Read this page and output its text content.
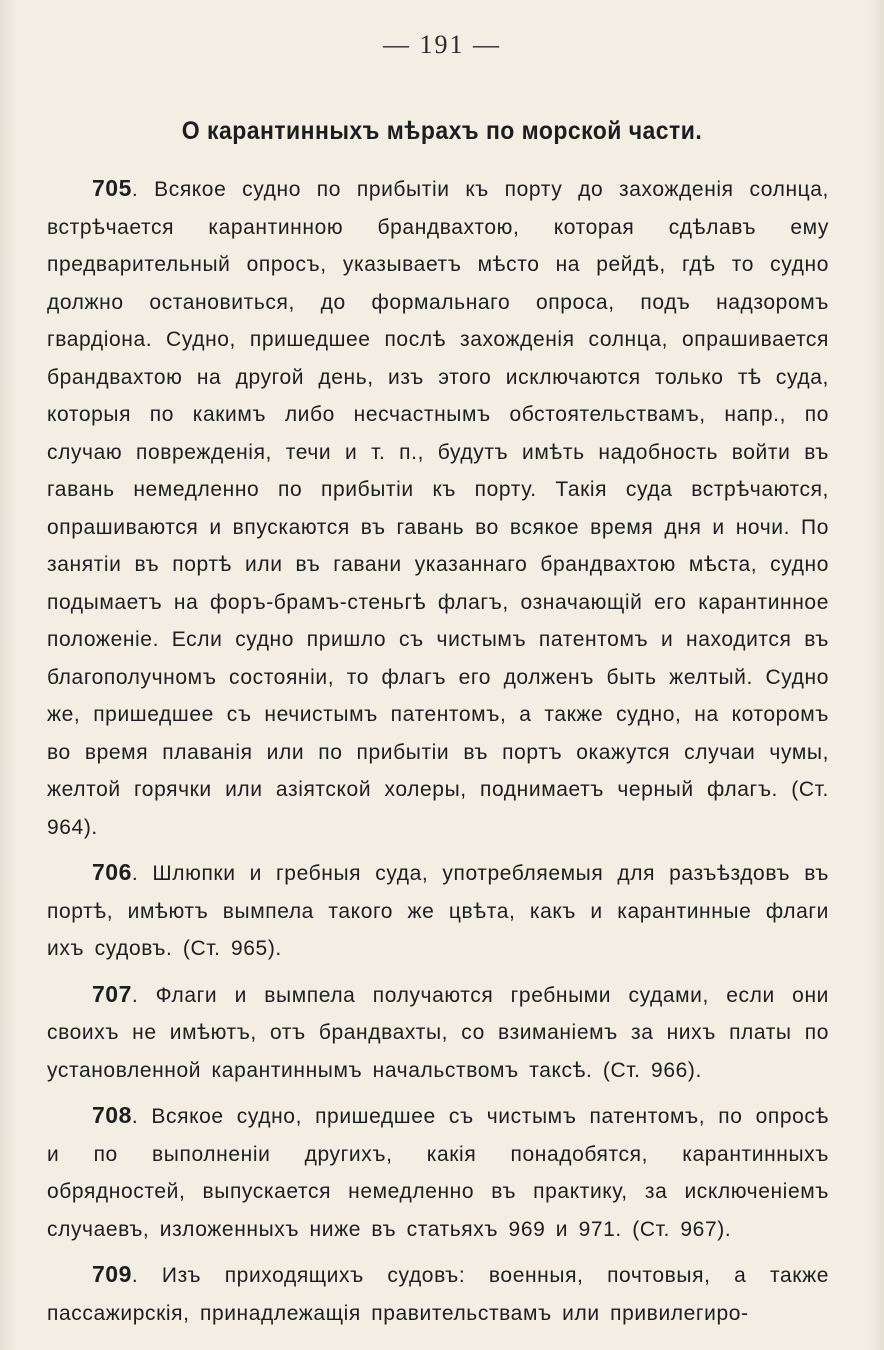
— 191 —
О карантинныхъ мѣрахъ по морской части.

705. Всякое судно по прибытіи къ порту до захожденія солнца, встрѣчается карантинною брандвахтою, которая сдѣлавъ ему предварительный опросъ, указываетъ мѣсто на рейдѣ, гдѣ то судно должно остановиться, до формальнаго опроса, подъ надзоромъ гвардіона. Судно, пришедшее послѣ захожденія солнца, опрашивается брандвахтою на другой день, изъ этого исключаются только тѣ суда, которыя по какимъ либо несчастнымъ обстоятельствамъ, напр., по случаю поврежденія, течи и т. п., будутъ имѣть надобность войти въ гавань немедленно по прибытіи къ порту. Такія суда встрѣчаются, опрашиваются и впускаются въ гавань во всякое время дня и ночи. По занятіи въ портѣ или въ гавани указаннаго брандвахтою мѣста, судно подымаетъ на форъ-брамъ-стеньгѣ флагъ, означающій его карантинное положеніе. Если судно пришло съ чистымъ патентомъ и находится въ благополучномъ состояніи, то флагъ его долженъ быть желтый. Судно же, пришедшее съ нечистымъ патентомъ, а также судно, на которомъ во время плаванія или по прибытіи въ портъ окажутся случаи чумы, желтой горячки или азіятской холеры, поднимаетъ черный флагъ. (Ст. 964).

706. Шлюпки и гребныя суда, употребляемыя для разъѣздовъ въ портѣ, имѣютъ вымпела такого же цвѣта, какъ и карантинные флаги ихъ судовъ. (Ст. 965).

707. Флаги и вымпела получаются гребными судами, если они своихъ не имѣютъ, отъ брандвахты, со взиманіемъ за нихъ платы по установленной карантиннымъ начальствомъ таксѣ. (Ст. 966).

708. Всякое судно, пришедшее съ чистымъ патентомъ, по опросѣ и по выполненіи другихъ, какія понадобятся, карантинныхъ обрядностей, выпускается немедленно въ практику, за исключеніемъ случаевъ, изложенныхъ ниже въ статьяхъ 969 и 971. (Ст. 967).

709. Изъ приходящихъ судовъ: военныя, почтовыя, а также пассажирскія, принадлежащія правительствамъ или привилегиро-
